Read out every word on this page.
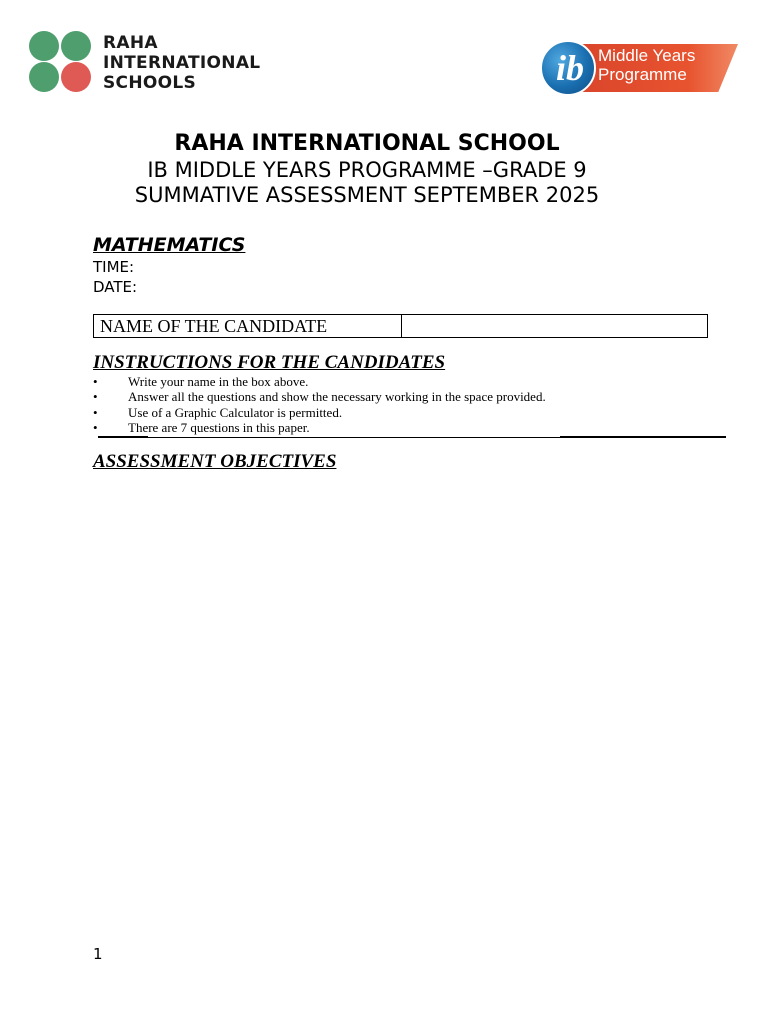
RAHA
INTERNATIONAL
SCHOOLS
Middle Years
Programme
ib
RAHA INTERNATIONAL SCHOOL
IB MIDDLE YEARS PROGRAMME –GRADE 9
SUMMATIVE ASSESSMENT SEPTEMBER 2025
MATHEMATICS
TIME:
DATE:
NAME OF THE CANDIDATE
INSTRUCTIONS FOR THE CANDIDATES
• Write your name in the box above.
• Answer all the questions and show the necessary working in the space provided.
• Use of a Graphic Calculator is permitted.
• There are 7 questions in this paper.
ASSESSMENT OBJECTIVES
1
